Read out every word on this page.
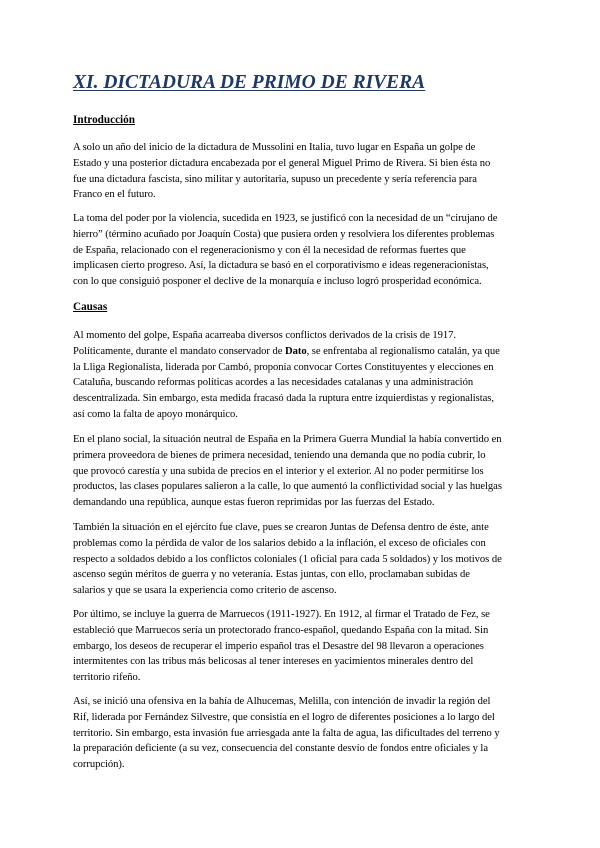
XI. DICTADURA DE PRIMO DE RIVERA
Introducción

A solo un año del inicio de la dictadura de Mussolini en Italia, tuvo lugar en España un golpe de
Estado y una posterior dictadura encabezada por el general Miguel Primo de Rivera. Si bien ésta no
fue una dictadura fascista, sino militar y autoritaria, supuso un precedente y sería referencia para
Franco en el futuro.

La toma del poder por la violencia, sucedida en 1923, se justificó con la necesidad de un “cirujano de
hierro” (término acuñado por Joaquín Costa) que pusiera orden y resolviera los diferentes problemas
de España, relacionado con el regeneracionismo y con él la necesidad de reformas fuertes que
implicasen cierto progreso. Así, la dictadura se basó en el corporativismo e ideas regeneracionistas,
con lo que consiguió posponer el declive de la monarquía e incluso logró prosperidad económica.

Causas

Al momento del golpe, España acarreaba diversos conflictos derivados de la crisis de 1917.
Políticamente, durante el mandato conservador de Dato, se enfrentaba al regionalismo catalán, ya que
la Lliga Regionalista, liderada por Cambó, proponía convocar Cortes Constituyentes y elecciones en
Cataluña, buscando reformas políticas acordes a las necesidades catalanas y una administración
descentralizada. Sin embargo, esta medida fracasó dada la ruptura entre izquierdistas y regionalistas,
así como la falta de apoyo monárquico.

En el plano social, la situación neutral de España en la Primera Guerra Mundial la había convertido en
primera proveedora de bienes de primera necesidad, teniendo una demanda que no podía cubrir, lo
que provocó carestía y una subida de precios en el interior y el exterior. Al no poder permitirse los
productos, las clases populares salieron a la calle, lo que aumentó la conflictividad social y las huelgas
demandando una república, aunque estas fueron reprimidas por las fuerzas del Estado.

También la situación en el ejército fue clave, pues se crearon Juntas de Defensa dentro de éste, ante
problemas como la pérdida de valor de los salarios debido a la inflación, el exceso de oficiales con
respecto a soldados debido a los conflictos coloniales (1 oficial para cada 5 soldados) y los motivos de
ascenso según méritos de guerra y no veteranía. Estas juntas, con ello, proclamaban subidas de
salarios y que se usara la experiencia como criterio de ascenso.

Por último, se incluye la guerra de Marruecos (1911-1927). En 1912, al firmar el Tratado de Fez, se
estableció que Marruecos sería un protectorado franco-español, quedando España con la mitad. Sin
embargo, los deseos de recuperar el imperio español tras el Desastre del 98 llevaron a operaciones
intermitentes con las tribus más belicosas al tener intereses en yacimientos minerales dentro del
territorio rifeño.

Así, se inició una ofensiva en la bahía de Alhucemas, Melilla, con intención de invadir la región del
Rif, liderada por Fernández Silvestre, que consistía en el logro de diferentes posiciones a lo largo del
territorio. Sin embargo, esta invasión fue arriesgada ante la falta de agua, las dificultades del terreno y
la preparación deficiente (a su vez, consecuencia del constante desvío de fondos entre oficiales y la
corrupción).
